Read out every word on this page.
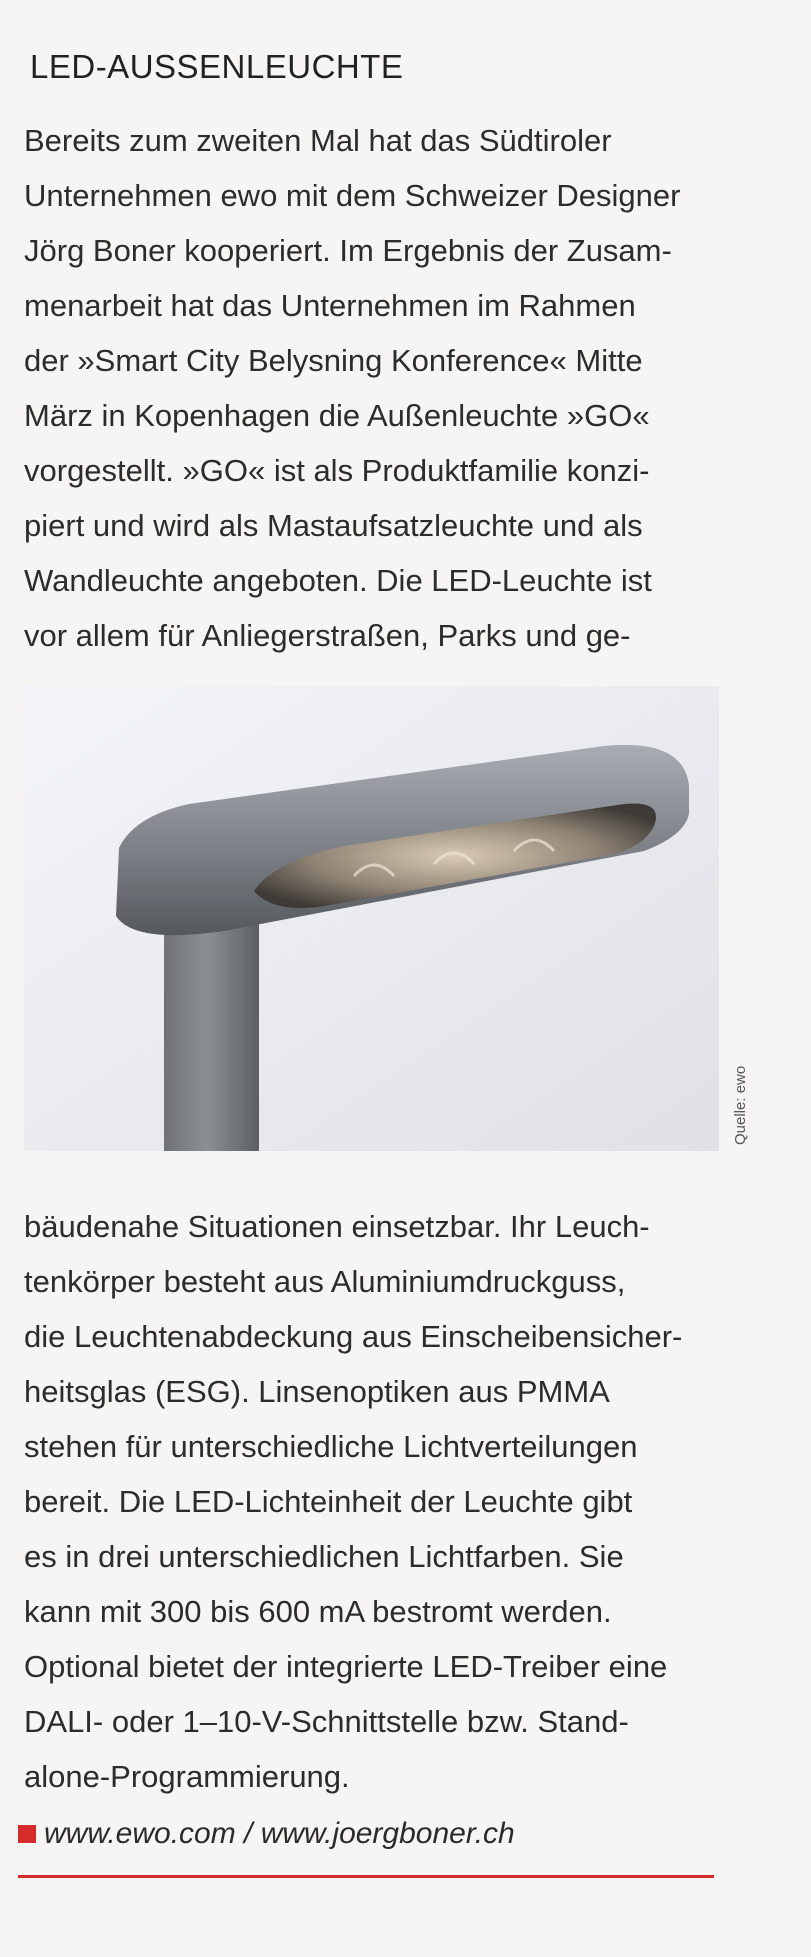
LED-AUSSENLEUCHTE
Bereits zum zweiten Mal hat das Südtiroler
Unternehmen ewo mit dem Schweizer Designer
Jörg Boner kooperiert. Im Ergebnis der Zusam-
menarbeit hat das Unternehmen im Rahmen
der »Smart City Belysning Konference« Mitte
März in Kopenhagen die Außenleuchte »GO«
vorgestellt. »GO« ist als Produktfamilie konzi-
piert und wird als Mastaufsatzleuchte und als
Wandleuchte angeboten. Die LED-Leuchte ist
vor allem für Anliegerstraßen, Parks und ge-
Quelle: ewo
bäudenahe Situationen einsetzbar. Ihr Leuch-
tenkörper besteht aus Aluminiumdruckguss,
die Leuchtenabdeckung aus Einscheibensicher-
heitsglas (ESG). Linsenoptiken aus PMMA
stehen für unterschiedliche Lichtverteilungen
bereit. Die LED-Lichteinheit der Leuchte gibt
es in drei unterschiedlichen Lichtfarben. Sie
kann mit 300 bis 600 mA bestromt werden.
Optional bietet der integrierte LED-Treiber eine
DALI- oder 1–10-V-Schnittstelle bzw. Stand-
alone-Programmierung.
www.ewo.com / www.joergboner.ch
